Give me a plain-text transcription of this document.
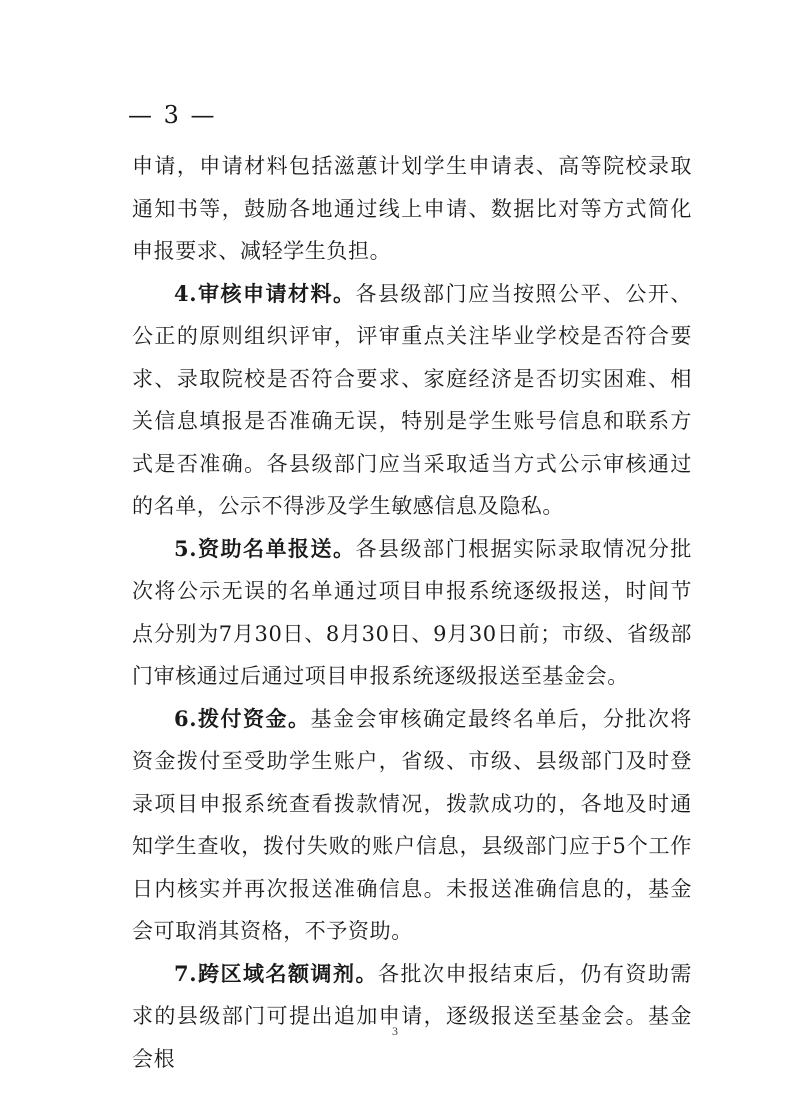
— 3 —

申请，申请材料包括滋蕙计划学生申请表、高等院校录取通知书等，鼓励各地通过线上申请、数据比对等方式简化申报要求、减轻学生负担。

4.审核申请材料。各县级部门应当按照公平、公开、公正的原则组织评审，评审重点关注毕业学校是否符合要求、录取院校是否符合要求、家庭经济是否切实困难、相关信息填报是否准确无误，特别是学生账号信息和联系方式是否准确。各县级部门应当采取适当方式公示审核通过的名单，公示不得涉及学生敏感信息及隐私。

5.资助名单报送。各县级部门根据实际录取情况分批次将公示无误的名单通过项目申报系统逐级报送，时间节点分别为7月30日、8月30日、9月30日前；市级、省级部门审核通过后通过项目申报系统逐级报送至基金会。

6.拨付资金。基金会审核确定最终名单后，分批次将资金拨付至受助学生账户，省级、市级、县级部门及时登录项目申报系统查看拨款情况，拨款成功的，各地及时通知学生查收，拨付失败的账户信息，县级部门应于5个工作日内核实并再次报送准确信息。未报送准确信息的，基金会可取消其资格，不予资助。

7.跨区域名额调剂。各批次申报结束后，仍有资助需求的县级部门可提出追加申请，逐级报送至基金会。基金会根

3
